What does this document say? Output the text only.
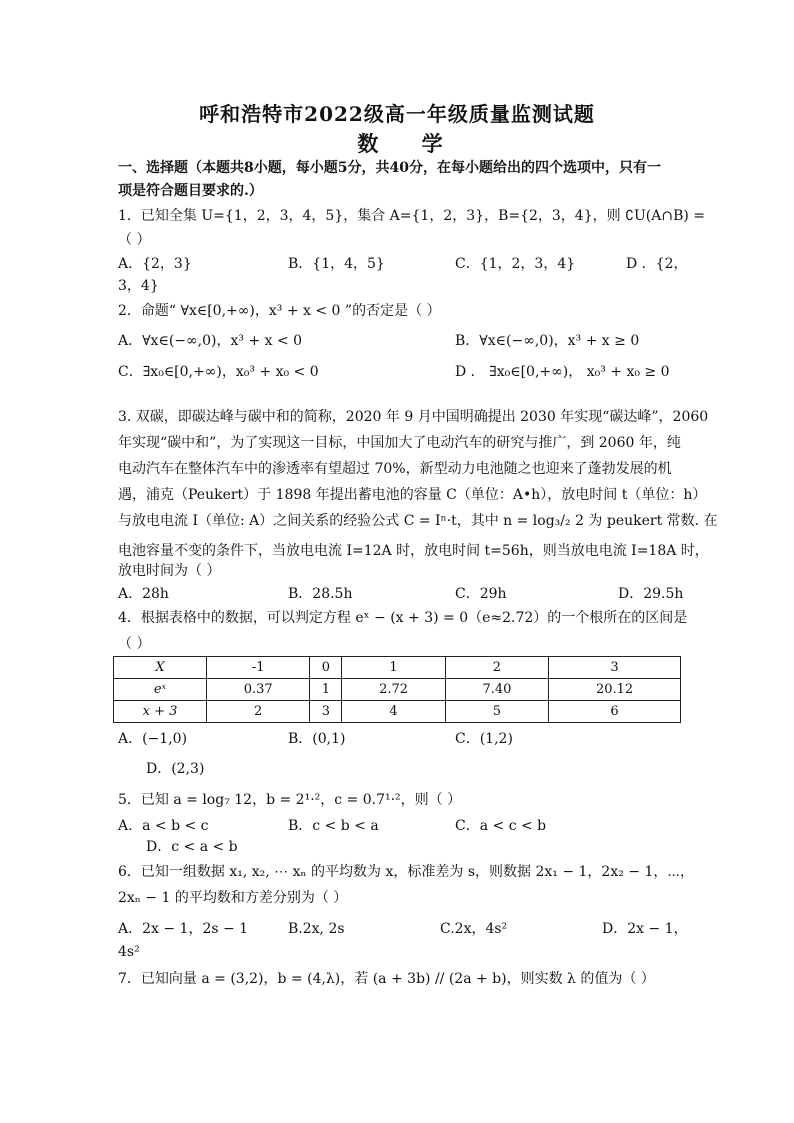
呼和浩特市2022级高一年级质量监测试题
数 学
一、选择题（本题共8小题，每小题5分，共40分，在每小题给出的四个选项中，只有一
项是符合题目要求的.）
1．已知全集 U={1，2，3，4，5}，集合 A={1，2，3}，B={2，3，4}，则 ∁U(A∩B) =
（ ）
A．{2，3}	B．{1，4，5}	C．{1，2，3，4}	D ．{2，
3，4}
2．命题“ ∀x∈[0,+∞)，x³ + x < 0 ”的否定是（ ）
A．∀x∈(−∞,0)，x³ + x < 0	B．∀x∈(−∞,0)，x³ + x ≥ 0
C．∃x₀∈[0,+∞)，x₀³ + x₀ < 0	D ． ∃x₀∈[0,+∞)， x₀³ + x₀ ≥ 0
3. 双碳，即碳达峰与碳中和的简称，2020 年 9 月中国明确提出 2030 年实现“碳达峰”，2060
年实现“碳中和”，为了实现这一目标，中国加大了电动汽车的研究与推广，到 2060 年，纯
电动汽车在整体汽车中的渗透率有望超过 70%，新型动力电池随之也迎来了蓬勃发展的机
遇，浦克（Peukert）于 1898 年提出蓄电池的容量 C（单位：A•h），放电时间 t（单位：h）
与放电电流 I（单位: A）之间关系的经验公式 C = Iⁿ·t，其中 n = log₃/₂ 2 为 peukert 常数. 在
电池容量不变的条件下，当放电电流 I=12A 时，放电时间 t=56h，则当放电电流 I=18A 时，
放电时间为（ ）
A．28h	B．28.5h	C．29h	D．29.5h
4．根据表格中的数据，可以判定方程 eˣ − (x + 3) = 0（e≈2.72）的一个根所在的区间是
（ ）
X	-1	0	1	2	3
eˣ	0.37	1	2.72	7.40	20.12
x + 3	2	3	4	5	6
A．(−1,0)	B．(0,1)	C．(1,2)
D．(2,3)
5．已知 a = log₇ 12，b = 2¹·²，c = 0.7¹·²，则（ ）
A．a < b < c	B．c < b < a	C．a < c < b
D．c < a < b
6．已知一组数据 x₁, x₂, ⋯ xₙ 的平均数为 x，标准差为 s，则数据 2x₁ − 1，2x₂ − 1，⋯，
2xₙ − 1 的平均数和方差分别为（ ）
A．2x − 1，2s − 1	B.2x, 2s	C.2x，4s²	D．2x − 1，
4s²
7．已知向量 a = (3,2)，b = (4,λ)，若 (a + 3b) // (2a + b)，则实数 λ 的值为（ ）
